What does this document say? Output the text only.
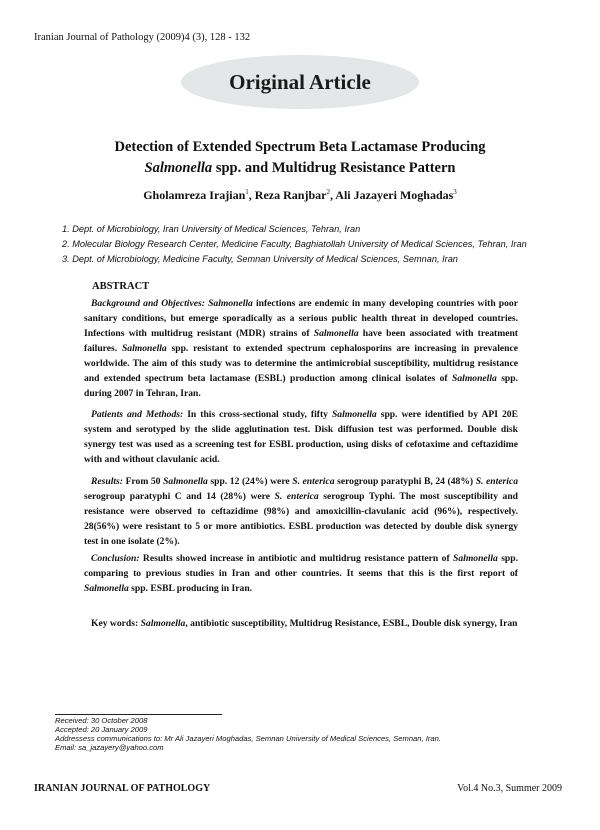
Iranian Journal of Pathology (2009)4 (3), 128 - 132
Original Article
Detection of Extended Spectrum Beta Lactamase Producing
Salmonella spp. and Multidrug Resistance Pattern
Gholamreza Irajian$^1$, Reza Ranjbar$^2$, Ali Jazayeri Moghadas$^3$
1. Dept. of Microbiology, Iran University of Medical Sciences, Tehran, Iran
2. Molecular Biology Research Center, Medicine Faculty, Baghiatollah University of Medical Sciences, Tehran, Iran
3. Dept. of Microbiology, Medicine Faculty, Semnan University of Medical Sciences, Semnan, Iran
ABSTRACT
Background and Objectives: Salmonella infections are endemic in many developing countries with poor sanitary conditions, but emerge sporadically as a serious public health threat in developed countries. Infections with multidrug resistant (MDR) strains of Salmonella have been associated with treatment failures. Salmonella spp. resistant to extended spectrum cephalosporins are increasing in prevalence worldwide. The aim of this study was to determine the antimicrobial susceptibility, multidrug resistance and extended spectrum beta lactamase (ESBL) production among clinical isolates of Salmonella spp. during 2007 in Tehran, Iran.
Patients and Methods: In this cross-sectional study, fifty Salmonella spp. were identified by API 20E system and serotyped by the slide agglutination test. Disk diffusion test was performed. Double disk synergy test was used as a screening test for ESBL production, using disks of cefotaxime and ceftazidime with and without clavulanic acid.
Results: From 50 Salmonella spp. 12 (24%) were S. enterica serogroup paratyphi B, 24 (48%) S. enterica serogroup paratyphi C and 14 (28%) were S. enterica serogroup Typhi. The most susceptibility and resistance were observed to ceftazidime (98%) and amoxicillin-clavulanic acid (96%), respectively. 28(56%) were resistant to 5 or more antibiotics. ESBL production was detected by double disk synergy test in one isolate (2%).
Conclusion: Results showed increase in antibiotic and multidrug resistance pattern of Salmonella spp. comparing to previous studies in Iran and other countries. It seems that this is the first report of Salmonella spp. ESBL producing in Iran.
Key words: Salmonella, antibiotic susceptibility, Multidrug Resistance, ESBL, Double disk synergy, Iran
Received: 30 October 2008
Accepted: 20 January 2009
Addressess communications to: Mr Ali Jazayeri Moghadas, Semnan University of Medical Sciences, Semnan, Iran.
Email: sa_jazayery@yahoo.com
IRANIAN JOURNAL OF PATHOLOGY	Vol.4 No.3, Summer 2009
